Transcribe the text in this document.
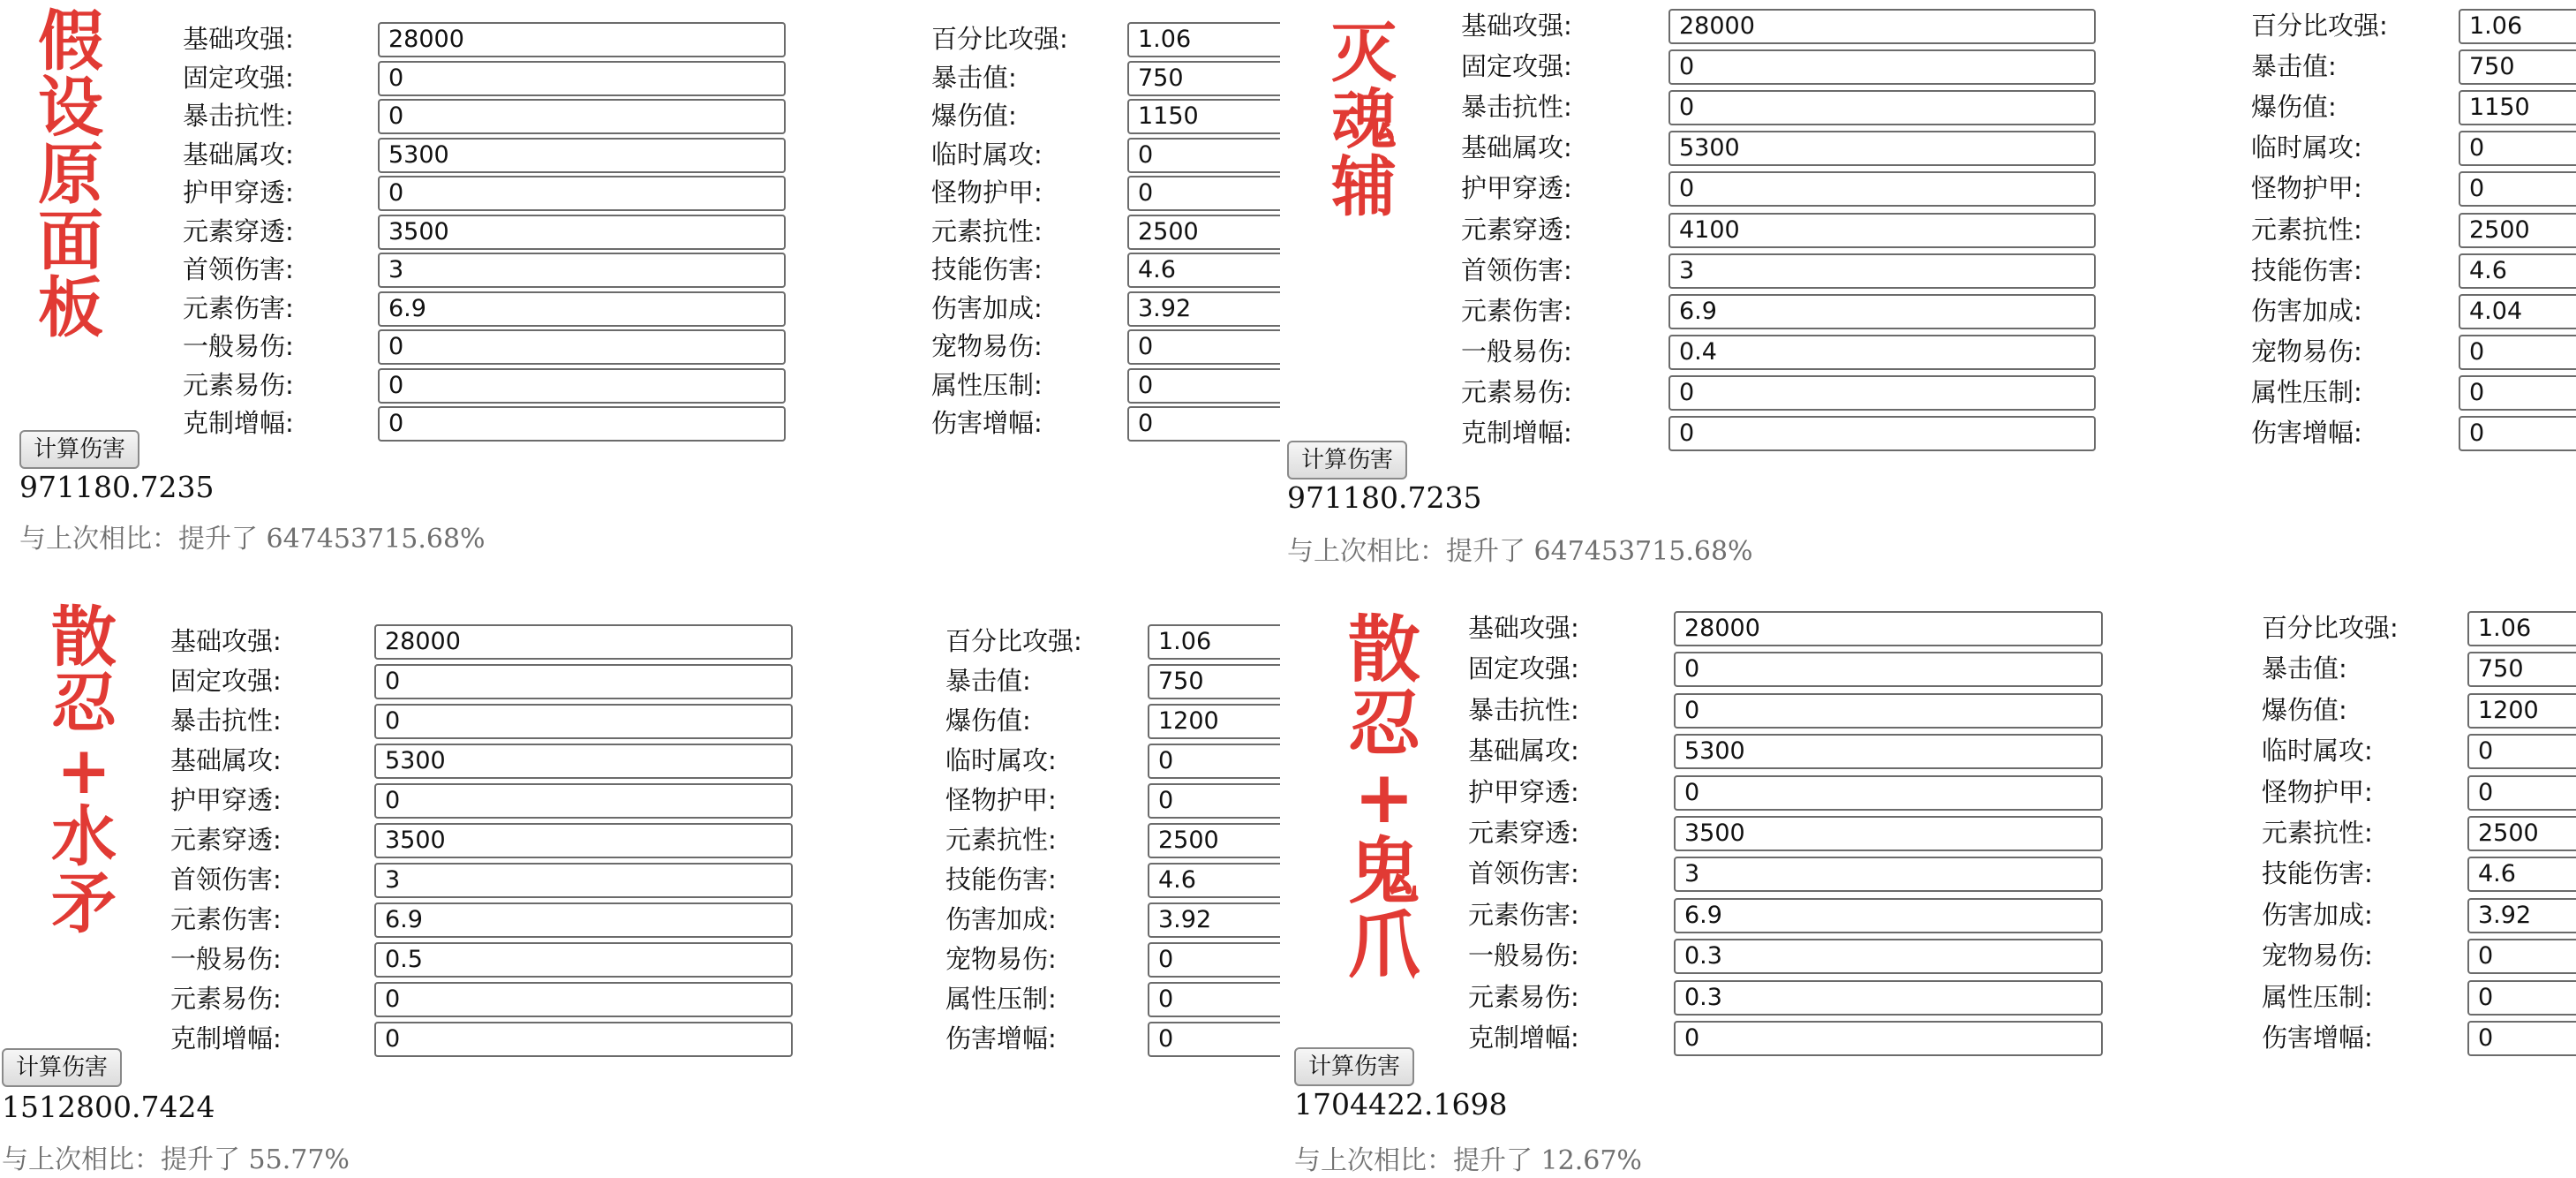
假
设
原
面
板
基础攻强:	28000
固定攻强:	0
暴击抗性:	0
基础属攻:	5300
护甲穿透:	0
元素穿透:	3500
首领伤害:	3
元素伤害:	6.9
一般易伤:	0
元素易伤:	0
克制增幅:	0
百分比攻强:	1.06
暴击值:	750
爆伤值:	1150
临时属攻:	0
怪物护甲:	0
元素抗性:	2500
技能伤害:	4.6
伤害加成:	3.92
宠物易伤:	0
属性压制:	0
伤害增幅:	0
计算伤害
971180.7235
与上次相比：提升了 647453715.68%
灭
魂
辅
基础攻强:	28000
固定攻强:	0
暴击抗性:	0
基础属攻:	5300
护甲穿透:	0
元素穿透:	4100
首领伤害:	3
元素伤害:	6.9
一般易伤:	0.4
元素易伤:	0
克制增幅:	0
百分比攻强:	1.06
暴击值:	750
爆伤值:	1150
临时属攻:	0
怪物护甲:	0
元素抗性:	2500
技能伤害:	4.6
伤害加成:	4.04
宠物易伤:	0
属性压制:	0
伤害增幅:	0
计算伤害
971180.7235
与上次相比：提升了 647453715.68%
散
忍
+
水
矛
基础攻强:	28000
固定攻强:	0
暴击抗性:	0
基础属攻:	5300
护甲穿透:	0
元素穿透:	3500
首领伤害:	3
元素伤害:	6.9
一般易伤:	0.5
元素易伤:	0
克制增幅:	0
百分比攻强:	1.06
暴击值:	750
爆伤值:	1200
临时属攻:	0
怪物护甲:	0
元素抗性:	2500
技能伤害:	4.6
伤害加成:	3.92
宠物易伤:	0
属性压制:	0
伤害增幅:	0
计算伤害
1512800.7424
与上次相比：提升了 55.77%
散
忍
+
鬼
爪
基础攻强:	28000
固定攻强:	0
暴击抗性:	0
基础属攻:	5300
护甲穿透:	0
元素穿透:	3500
首领伤害:	3
元素伤害:	6.9
一般易伤:	0.3
元素易伤:	0.3
克制增幅:	0
百分比攻强:	1.06
暴击值:	750
爆伤值:	1200
临时属攻:	0
怪物护甲:	0
元素抗性:	2500
技能伤害:	4.6
伤害加成:	3.92
宠物易伤:	0
属性压制:	0
伤害增幅:	0
计算伤害
1704422.1698
与上次相比：提升了 12.67%
